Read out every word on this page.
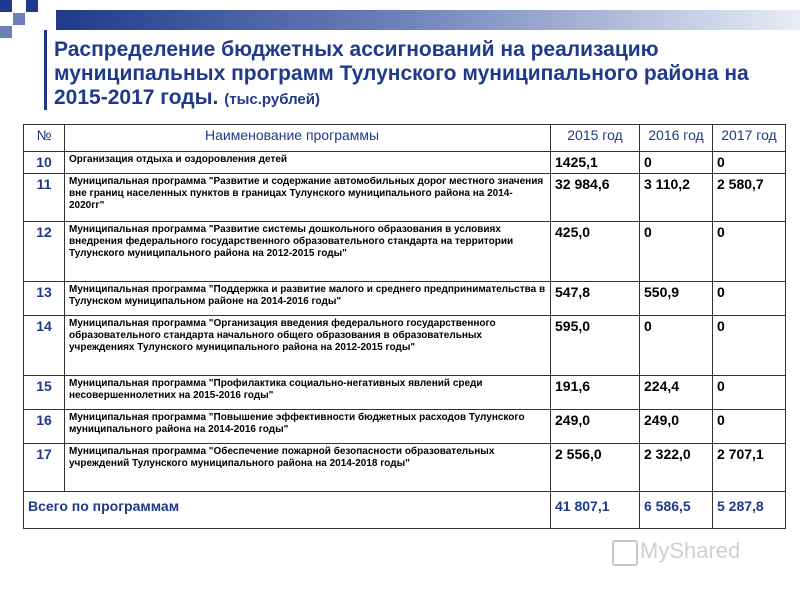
Распределение бюджетных ассигнований на реализацию муниципальных программ Тулунского муниципального района на 2015-2017 годы. (тыс.рублей)
№	Наименование программы	2015 год	2016 год	2017 год
10	Организация отдыха и оздоровления детей	1425,1	0	0
11	Муниципальная программа "Развитие и содержание автомобильных дорог местного значения вне границ населенных пунктов в границах Тулунского муниципального района на 2014-2020гг"	32 984,6	3 110,2	2 580,7
12	Муниципальная программа "Развитие системы дошкольного образования в условиях внедрения федерального государственного образовательного стандарта на территории Тулунского муниципального района на 2012-2015 годы"	425,0	0	0
13	Муниципальная программа "Поддержка и развитие малого и среднего предпринимательства в Тулунском муниципальном районе на 2014-2016 годы"	547,8	550,9	0
14	Муниципальная программа "Организация введения федерального государственного образовательного стандарта начального общего образования в образовательных учреждениях Тулунского муниципального района на 2012-2015 годы"	595,0	0	0
15	Муниципальная программа "Профилактика социально-негативных явлений среди несовершеннолетних на 2015-2016 годы"	191,6	224,4	0
16	Муниципальная программа "Повышение эффективности бюджетных расходов Тулунского муниципального района на 2014-2016 годы"	249,0	249,0	0
17	Муниципальная программа "Обеспечение пожарной безопасности образовательных учреждений Тулунского муниципального района на 2014-2018 годы"	2 556,0	2 322,0	2 707,1
Всего по программам		41 807,1	6 586,5	5 287,8
MyShared
